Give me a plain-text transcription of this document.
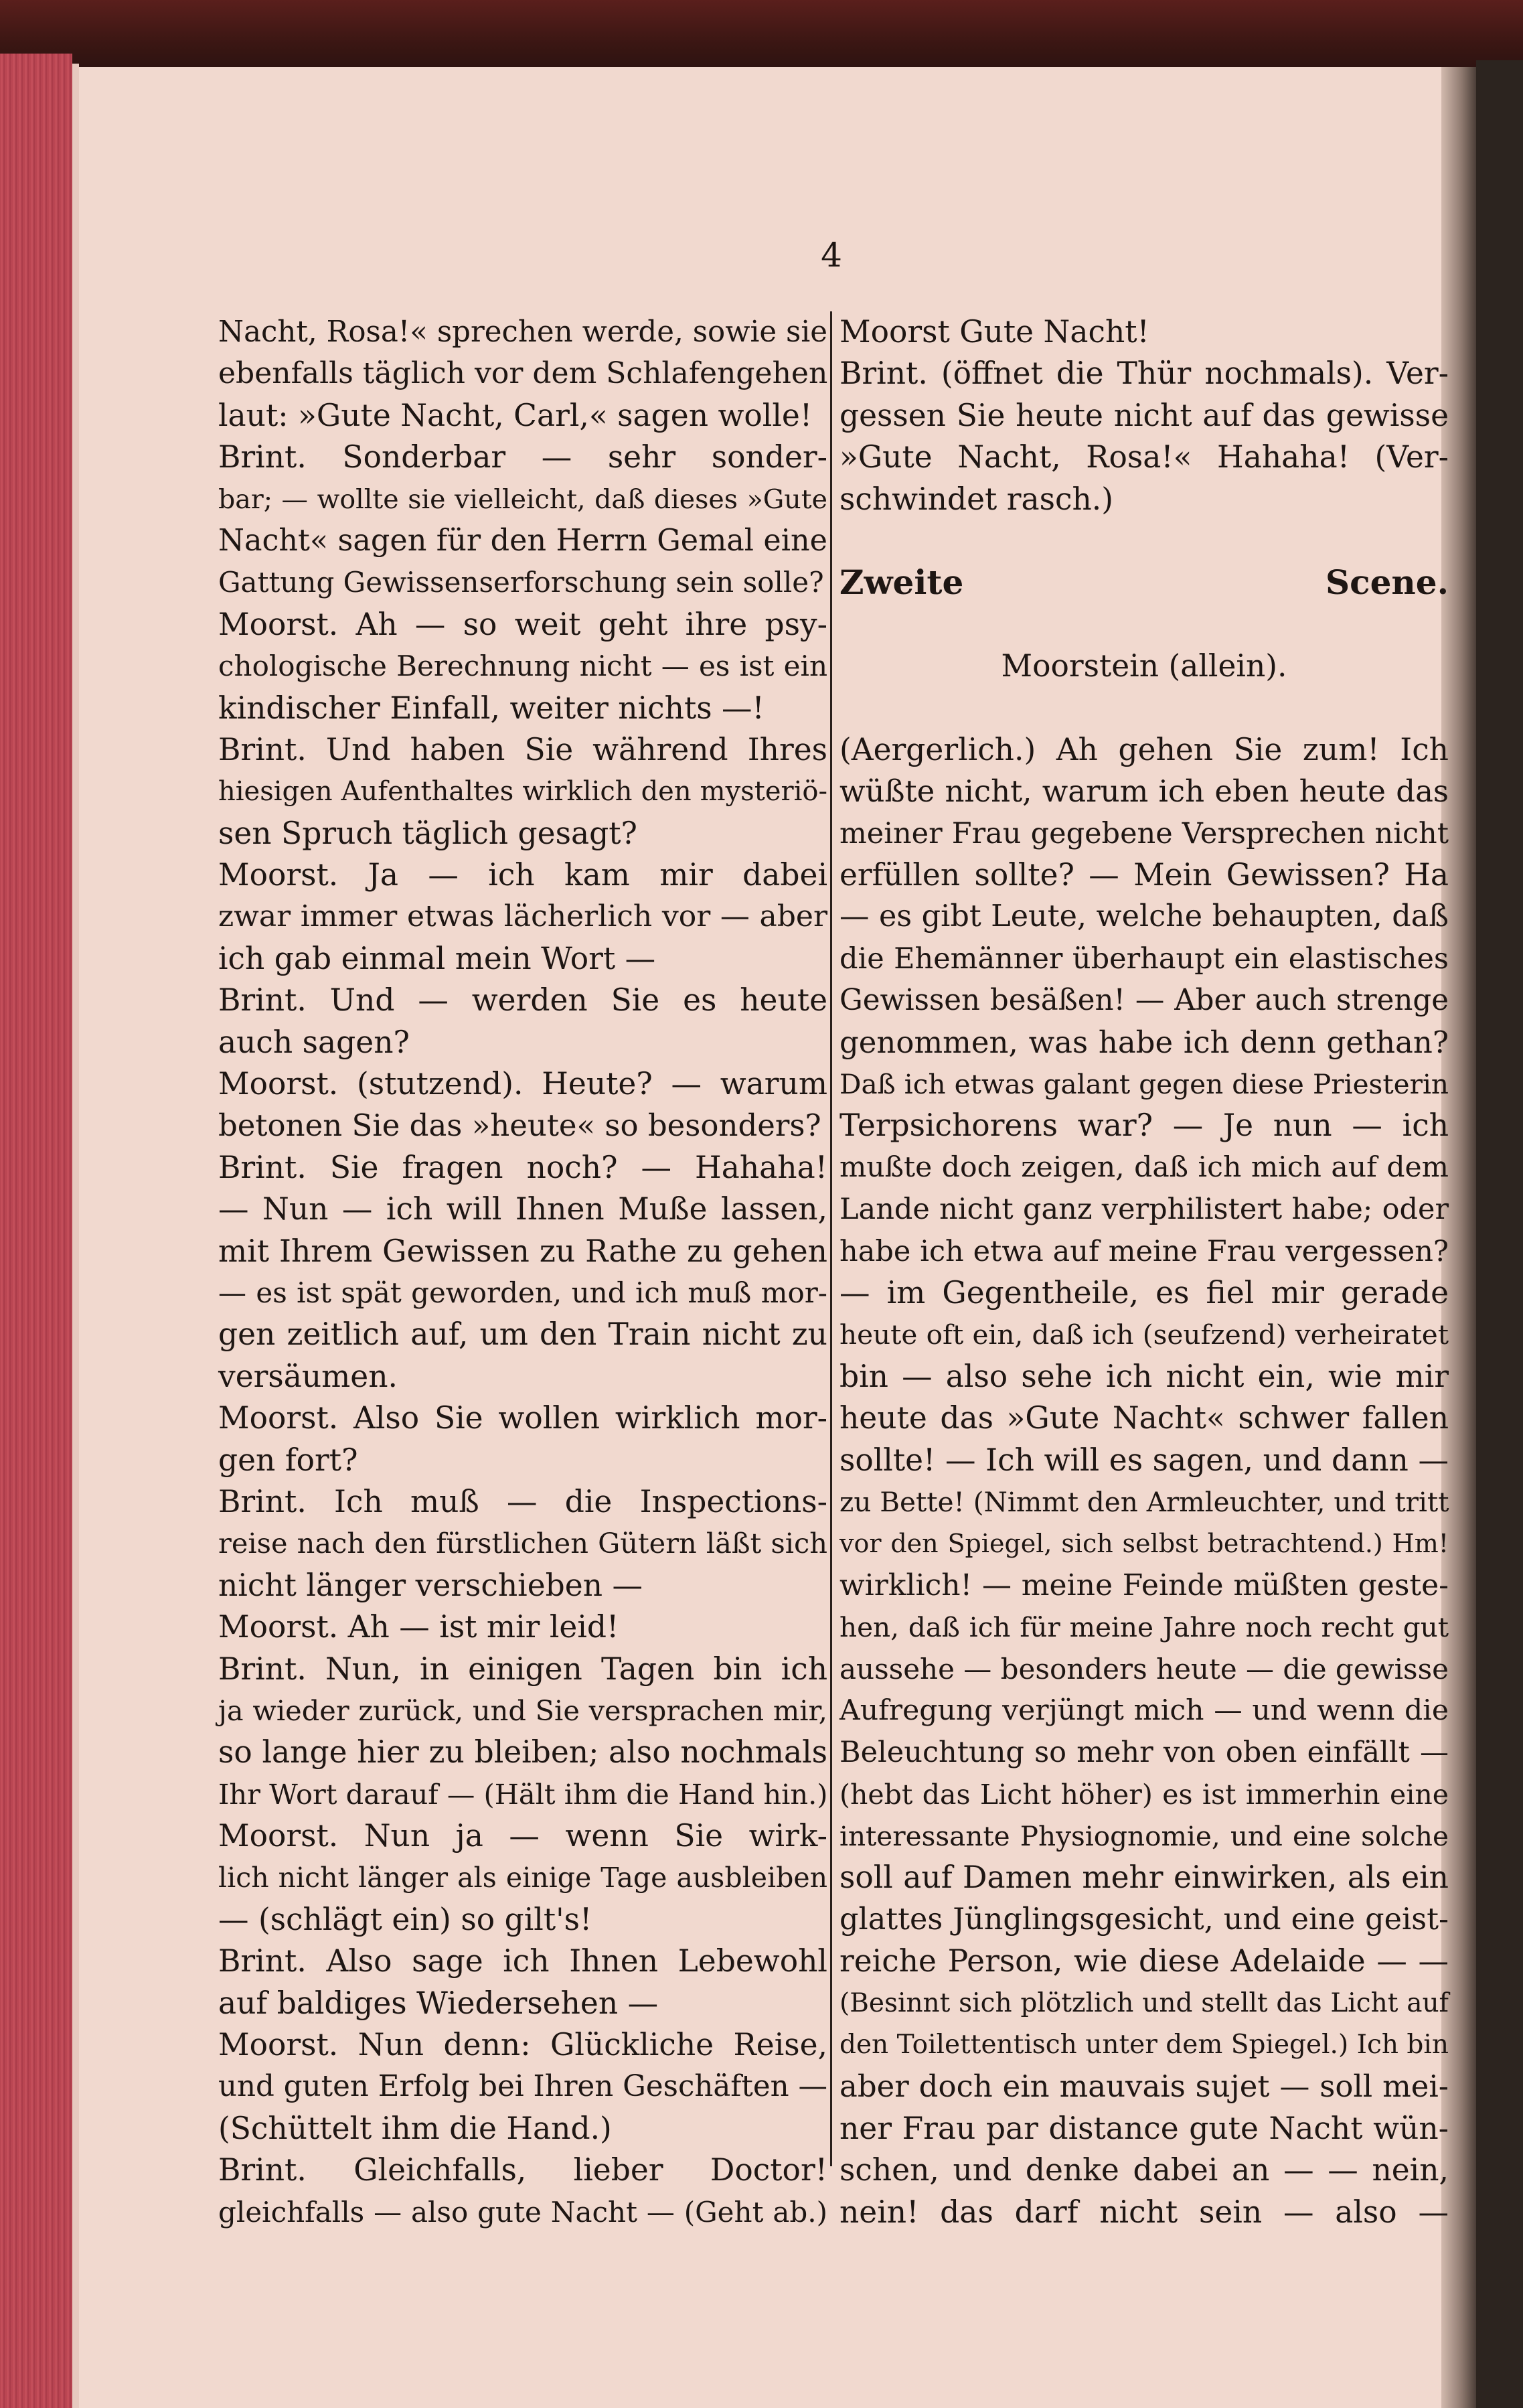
4
Nacht, Rosa!« sprechen werde, sowie sie
ebenfalls täglich vor dem Schlafengehen
laut: »Gute Nacht, Carl,« sagen wolle!
Brint. Sonderbar — sehr sonder-
bar; — wollte sie vielleicht, daß dieses »Gute
Nacht« sagen für den Herrn Gemal eine
Gattung Gewissenserforschung sein solle?
Moorst. Ah — so weit geht ihre psy-
chologische Berechnung nicht — es ist ein
kindischer Einfall, weiter nichts —!
Brint. Und haben Sie während Ihres
hiesigen Aufenthaltes wirklich den mysteriö-
sen Spruch täglich gesagt?
Moorst. Ja — ich kam mir dabei
zwar immer etwas lächerlich vor — aber
ich gab einmal mein Wort —
Brint. Und — werden Sie es heute
auch sagen?
Moorst. (stutzend). Heute? — warum
betonen Sie das »heute« so besonders?
Brint. Sie fragen noch? — Hahaha!
— Nun — ich will Ihnen Muße lassen,
mit Ihrem Gewissen zu Rathe zu gehen
— es ist spät geworden, und ich muß mor-
gen zeitlich auf, um den Train nicht zu
versäumen.
Moorst. Also Sie wollen wirklich mor-
gen fort?
Brint. Ich muß — die Inspections-
reise nach den fürstlichen Gütern läßt sich
nicht länger verschieben —
Moorst. Ah — ist mir leid!
Brint. Nun, in einigen Tagen bin ich
ja wieder zurück, und Sie versprachen mir,
so lange hier zu bleiben; also nochmals
Ihr Wort darauf — (Hält ihm die Hand hin.)
Moorst. Nun ja — wenn Sie wirk-
lich nicht länger als einige Tage ausbleiben
— (schlägt ein) so gilt's!
Brint. Also sage ich Ihnen Lebewohl
auf baldiges Wiedersehen —
Moorst. Nun denn: Glückliche Reise,
und guten Erfolg bei Ihren Geschäften —
(Schüttelt ihm die Hand.)
Brint. Gleichfalls, lieber Doctor!
gleichfalls — also gute Nacht — (Geht ab.)
Moorst Gute Nacht!
Brint. (öffnet die Thür nochmals). Ver-
gessen Sie heute nicht auf das gewisse
»Gute Nacht, Rosa!« Hahaha! (Ver-
schwindet rasch.)
Zweite Scene.
Moorstein (allein).
(Aergerlich.) Ah gehen Sie zum! Ich
wüßte nicht, warum ich eben heute das
meiner Frau gegebene Versprechen nicht
erfüllen sollte? — Mein Gewissen? Ha
— es gibt Leute, welche behaupten, daß
die Ehemänner überhaupt ein elastisches
Gewissen besäßen! — Aber auch strenge
genommen, was habe ich denn gethan?
Daß ich etwas galant gegen diese Priesterin
Terpsichorens war? — Je nun — ich
mußte doch zeigen, daß ich mich auf dem
Lande nicht ganz verphilistert habe; oder
habe ich etwa auf meine Frau vergessen?
— im Gegentheile, es fiel mir gerade
heute oft ein, daß ich (seufzend) verheiratet
bin — also sehe ich nicht ein, wie mir
heute das »Gute Nacht« schwer fallen
sollte! — Ich will es sagen, und dann —
zu Bette! (Nimmt den Armleuchter, und tritt
vor den Spiegel, sich selbst betrachtend.) Hm!
wirklich! — meine Feinde müßten geste-
hen, daß ich für meine Jahre noch recht gut
aussehe — besonders heute — die gewisse
Aufregung verjüngt mich — und wenn die
Beleuchtung so mehr von oben einfällt —
(hebt das Licht höher) es ist immerhin eine
interessante Physiognomie, und eine solche
soll auf Damen mehr einwirken, als ein
glattes Jünglingsgesicht, und eine geist-
reiche Person, wie diese Adelaide — —
(Besinnt sich plötzlich und stellt das Licht auf
den Toilettentisch unter dem Spiegel.) Ich bin
aber doch ein mauvais sujet — soll mei-
ner Frau par distance gute Nacht wün-
schen, und denke dabei an — — nein,
nein! das darf nicht sein — also —
